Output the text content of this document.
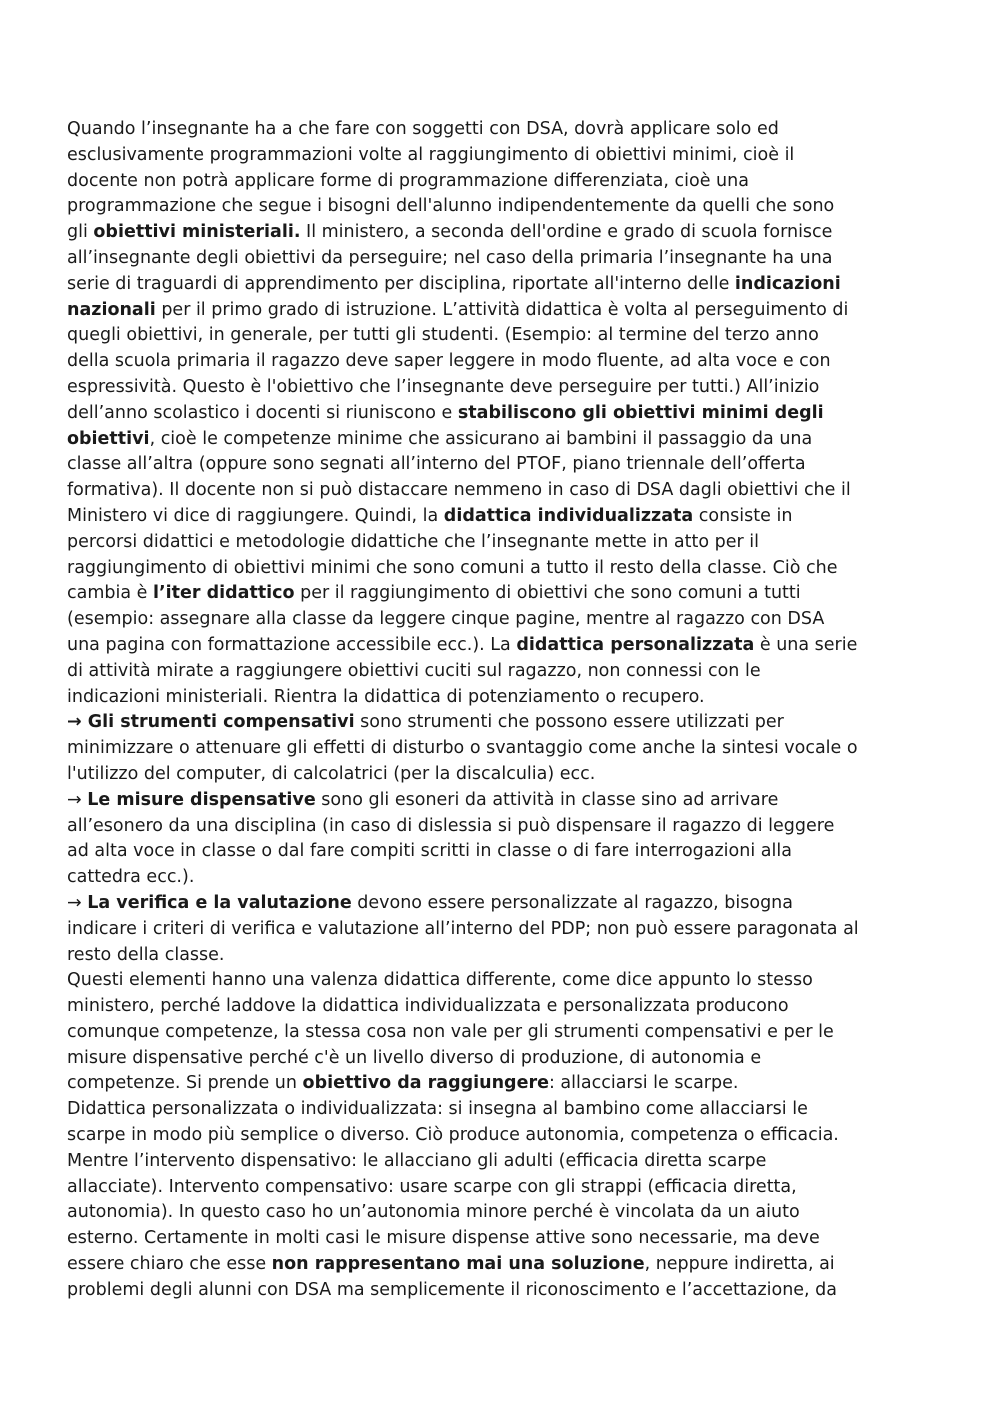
Quando l’insegnante ha a che fare con soggetti con DSA, dovrà applicare solo ed
esclusivamente programmazioni volte al raggiungimento di obiettivi minimi, cioè il
docente non potrà applicare forme di programmazione differenziata, cioè una
programmazione che segue i bisogni dell'alunno indipendentemente da quelli che sono
gli obiettivi ministeriali. Il ministero, a seconda dell'ordine e grado di scuola fornisce
all’insegnante degli obiettivi da perseguire; nel caso della primaria l’insegnante ha una
serie di traguardi di apprendimento per disciplina, riportate all'interno delle indicazioni
nazionali per il primo grado di istruzione. L’attività didattica è volta al perseguimento di
quegli obiettivi, in generale, per tutti gli studenti. (Esempio: al termine del terzo anno
della scuola primaria il ragazzo deve saper leggere in modo fluente, ad alta voce e con
espressività. Questo è l'obiettivo che l’insegnante deve perseguire per tutti.) All’inizio
dell’anno scolastico i docenti si riuniscono e stabiliscono gli obiettivi minimi degli
obiettivi, cioè le competenze minime che assicurano ai bambini il passaggio da una
classe all’altra (oppure sono segnati all’interno del PTOF, piano triennale dell’offerta
formativa). Il docente non si può distaccare nemmeno in caso di DSA dagli obiettivi che il
Ministero vi dice di raggiungere. Quindi, la didattica individualizzata consiste in
percorsi didattici e metodologie didattiche che l’insegnante mette in atto per il
raggiungimento di obiettivi minimi che sono comuni a tutto il resto della classe. Ciò che
cambia è l’iter didattico per il raggiungimento di obiettivi che sono comuni a tutti
(esempio: assegnare alla classe da leggere cinque pagine, mentre al ragazzo con DSA
una pagina con formattazione accessibile ecc.). La didattica personalizzata è una serie
di attività mirate a raggiungere obiettivi cuciti sul ragazzo, non connessi con le
indicazioni ministeriali. Rientra la didattica di potenziamento o recupero.

→ Gli strumenti compensativi sono strumenti che possono essere utilizzati per
minimizzare o attenuare gli effetti di disturbo o svantaggio come anche la sintesi vocale o
l'utilizzo del computer, di calcolatrici (per la discalculia) ecc.

→ Le misure dispensative sono gli esoneri da attività in classe sino ad arrivare
all’esonero da una disciplina (in caso di dislessia si può dispensare il ragazzo di leggere
ad alta voce in classe o dal fare compiti scritti in classe o di fare interrogazioni alla
cattedra ecc.).

→ La verifica e la valutazione devono essere personalizzate al ragazzo, bisogna
indicare i criteri di verifica e valutazione all’interno del PDP; non può essere paragonata al
resto della classe.

Questi elementi hanno una valenza didattica differente, come dice appunto lo stesso
ministero, perché laddove la didattica individualizzata e personalizzata producono
comunque competenze, la stessa cosa non vale per gli strumenti compensativi e per le
misure dispensative perché c'è un livello diverso di produzione, di autonomia e
competenze. Si prende un obiettivo da raggiungere: allacciarsi le scarpe.

Didattica personalizzata o individualizzata: si insegna al bambino come allacciarsi le
scarpe in modo più semplice o diverso. Ciò produce autonomia, competenza o efficacia.
Mentre l’intervento dispensativo: le allacciano gli adulti (efficacia diretta scarpe
allacciate). Intervento compensativo: usare scarpe con gli strappi (efficacia diretta,
autonomia). In questo caso ho un’autonomia minore perché è vincolata da un aiuto
esterno. Certamente in molti casi le misure dispense attive sono necessarie, ma deve
essere chiaro che esse non rappresentano mai una soluzione, neppure indiretta, ai
problemi degli alunni con DSA ma semplicemente il riconoscimento e l’accettazione, da
